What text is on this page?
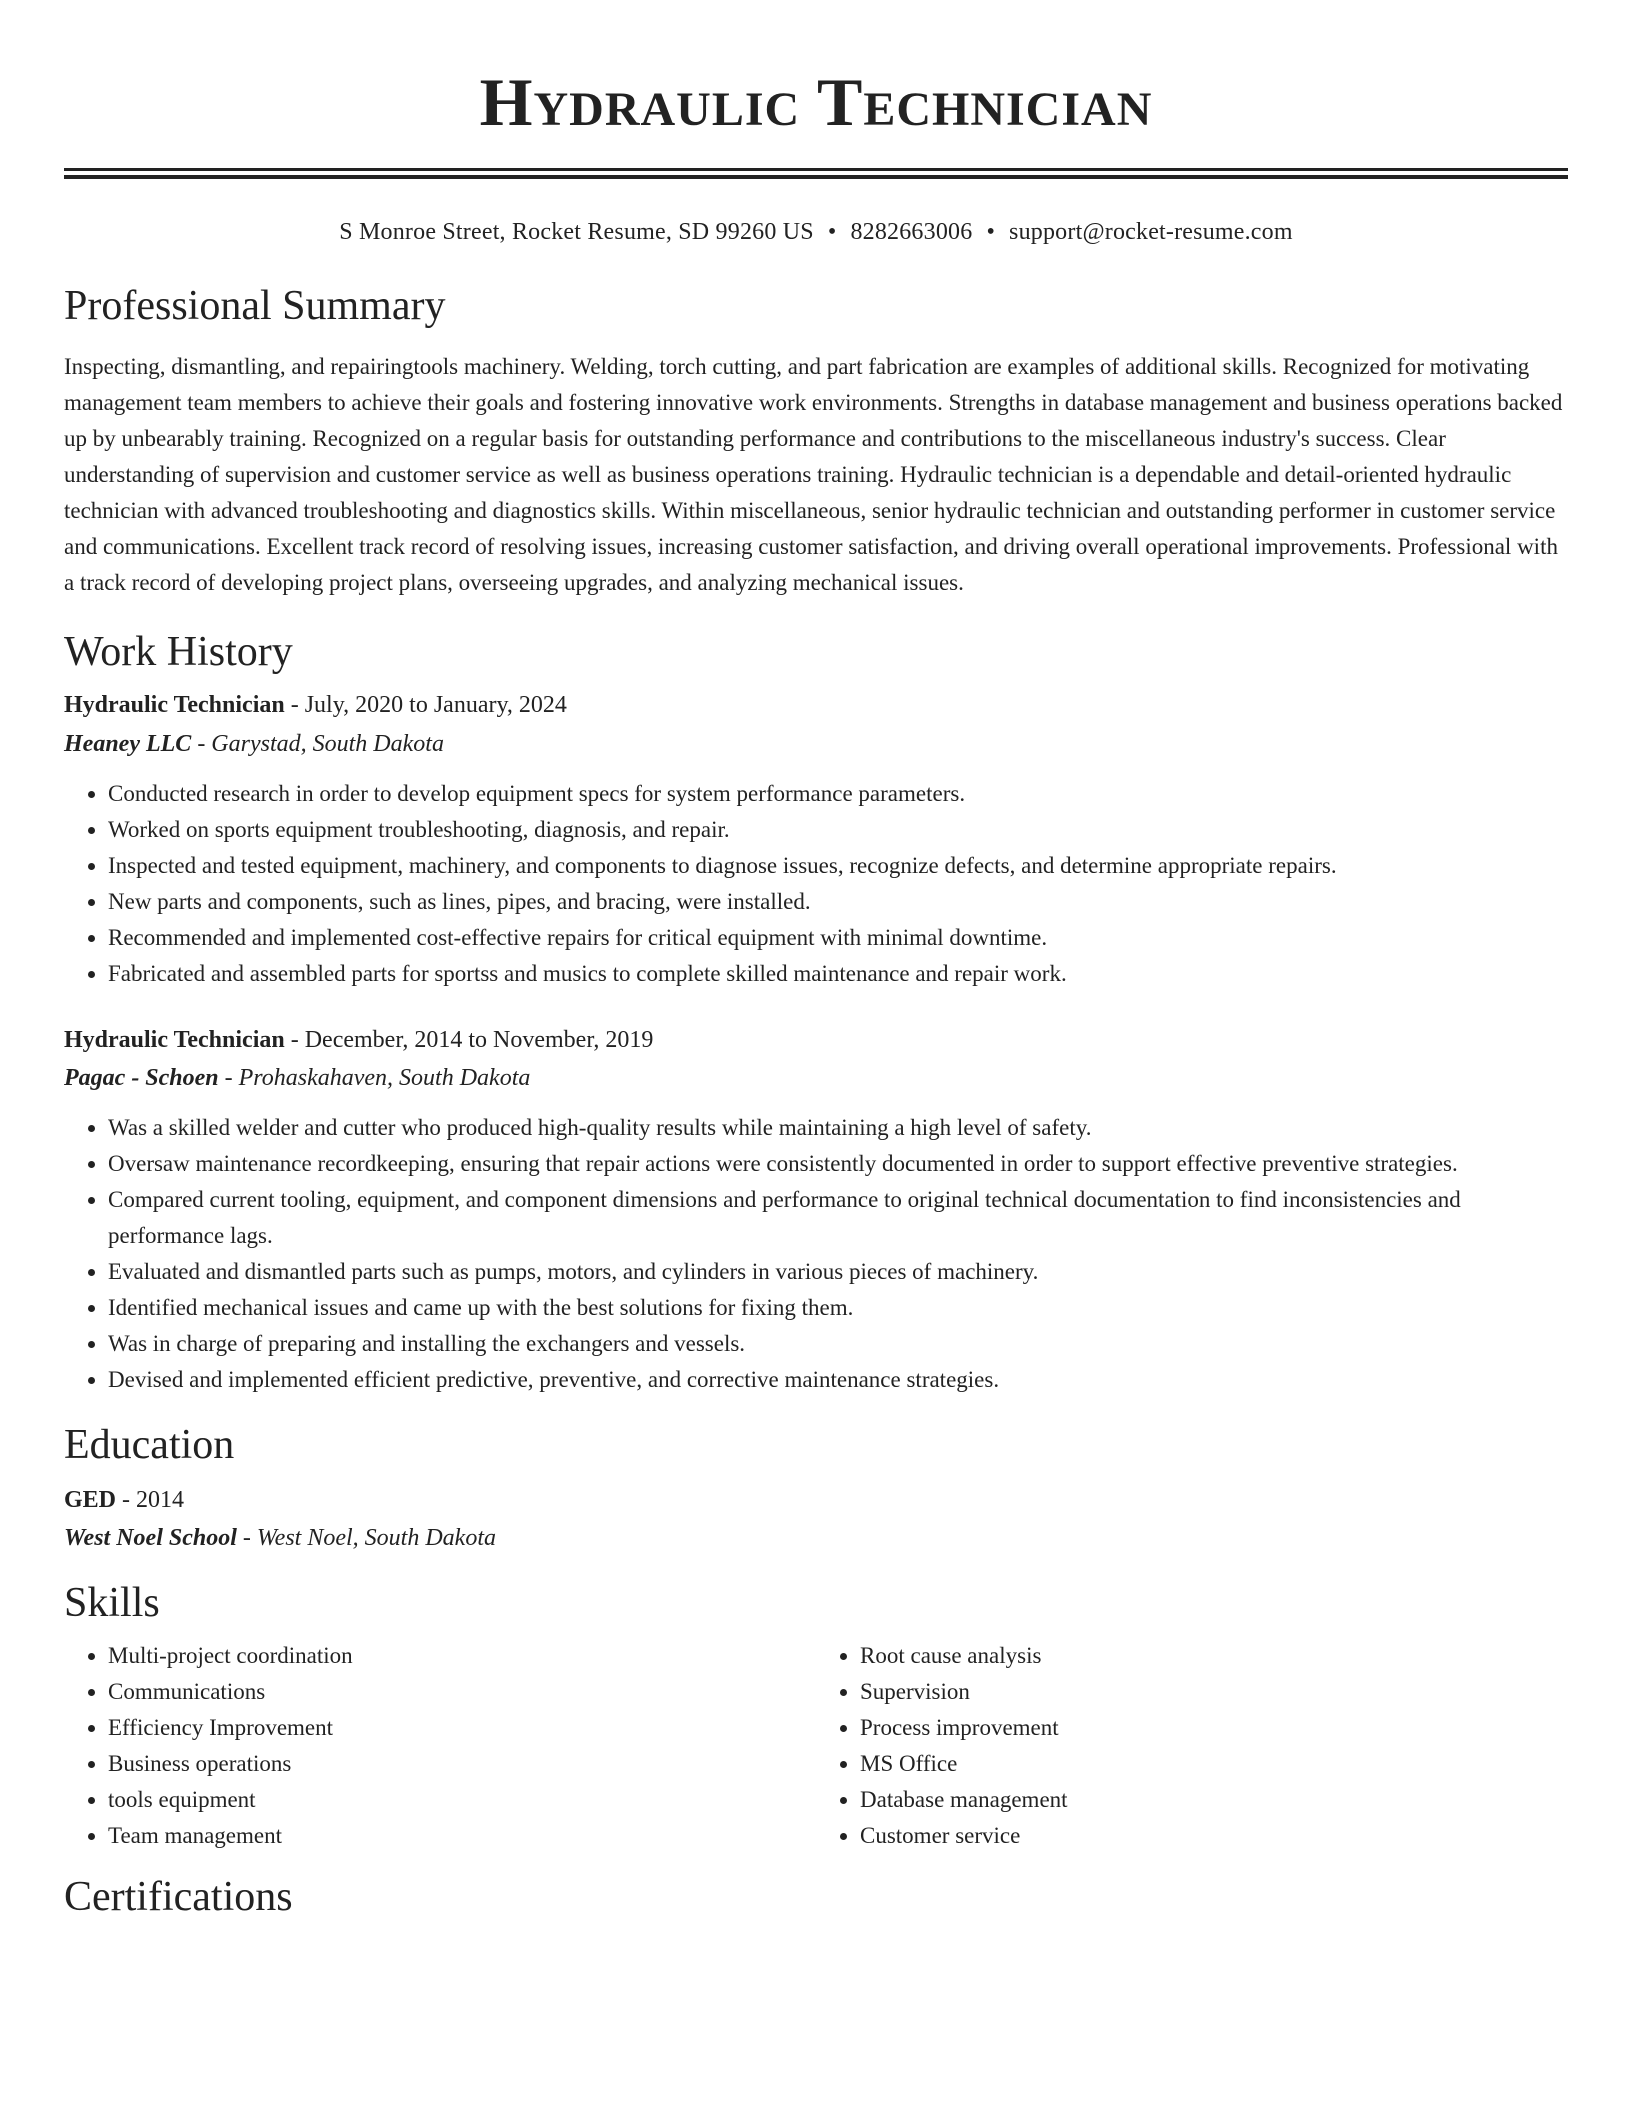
Hydraulic Technician
S Monroe Street, Rocket Resume, SD 99260 US • 8282663006 • support@rocket-resume.com
Professional Summary

Inspecting, dismantling, and repairingtools machinery. Welding, torch cutting, and part fabrication are examples of additional skills. Recognized for motivating management team members to achieve their goals and fostering innovative work environments. Strengths in database management and business operations backed up by unbearably training. Recognized on a regular basis for outstanding performance and contributions to the miscellaneous industry's success. Clear understanding of supervision and customer service as well as business operations training. Hydraulic technician is a dependable and detail-oriented hydraulic technician with advanced troubleshooting and diagnostics skills. Within miscellaneous, senior hydraulic technician and outstanding performer in customer service and communications. Excellent track record of resolving issues, increasing customer satisfaction, and driving overall operational improvements. Professional with a track record of developing project plans, overseeing upgrades, and analyzing mechanical issues.

Work History
Hydraulic Technician - July, 2020 to January, 2024
Heaney LLC - Garystad, South Dakota
• Conducted research in order to develop equipment specs for system performance parameters.
• Worked on sports equipment troubleshooting, diagnosis, and repair.
• Inspected and tested equipment, machinery, and components to diagnose issues, recognize defects, and determine appropriate repairs.
• New parts and components, such as lines, pipes, and bracing, were installed.
• Recommended and implemented cost-effective repairs for critical equipment with minimal downtime.
• Fabricated and assembled parts for sportss and musics to complete skilled maintenance and repair work.
Hydraulic Technician - December, 2014 to November, 2019
Pagac - Schoen - Prohaskahaven, South Dakota
• Was a skilled welder and cutter who produced high-quality results while maintaining a high level of safety.
• Oversaw maintenance recordkeeping, ensuring that repair actions were consistently documented in order to support effective preventive strategies.
• Compared current tooling, equipment, and component dimensions and performance to original technical documentation to find inconsistencies and performance lags.
• Evaluated and dismantled parts such as pumps, motors, and cylinders in various pieces of machinery.
• Identified mechanical issues and came up with the best solutions for fixing them.
• Was in charge of preparing and installing the exchangers and vessels.
• Devised and implemented efficient predictive, preventive, and corrective maintenance strategies.
Education
GED - 2014
West Noel School - West Noel, South Dakota
Skills
• Multi-project coordination
• Communications
• Efficiency Improvement
• Business operations
• tools equipment
• Team management
• Root cause analysis
• Supervision
• Process improvement
• MS Office
• Database management
• Customer service
Certifications
